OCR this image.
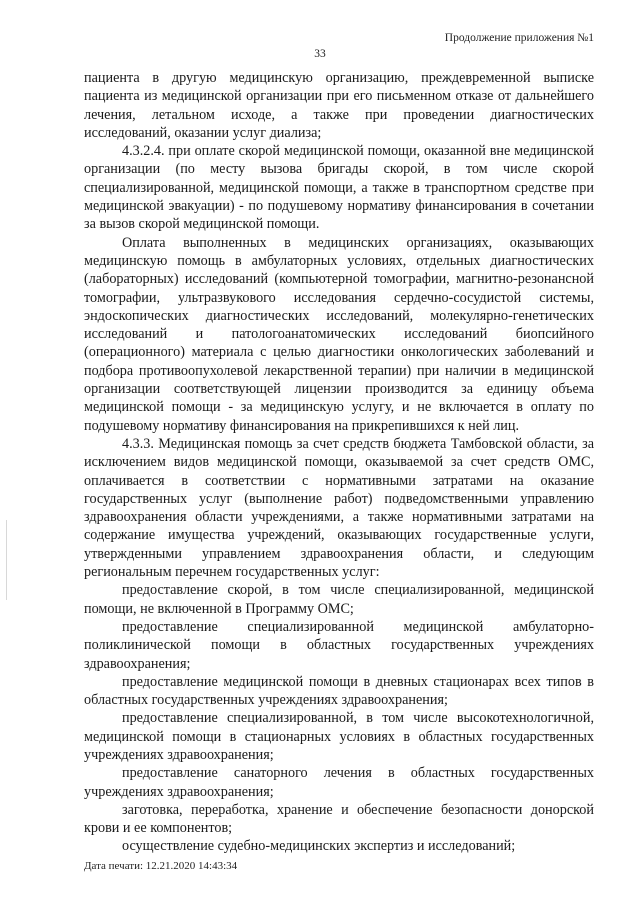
Продолжение приложения №1
33

пациента в другую медицинскую организацию, преждевременной выписке пациента из медицинской организации при его письменном отказе от дальнейшего лечения, летальном исходе, а также при проведении диагностических исследований, оказании услуг диализа;

4.3.2.4. при оплате скорой медицинской помощи, оказанной вне медицинской организации (по месту вызова бригады скорой, в том числе скорой специализированной, медицинской помощи, а также в транспортном средстве при медицинской эвакуации) - по подушевому нормативу финансирования в сочетании за вызов скорой медицинской помощи.

Оплата выполненных в медицинских организациях, оказывающих медицинскую помощь в амбулаторных условиях, отдельных диагностических (лабораторных) исследований (компьютерной томографии, магнитно-резонансной томографии, ультразвукового исследования сердечно-сосудистой системы, эндоскопических диагностических исследований, молекулярно-генетических исследований и патологоанатомических исследований биопсийного (операционного) материала с целью диагностики онкологических заболеваний и подбора противоопухолевой лекарственной терапии) при наличии в медицинской организации соответствующей лицензии производится за единицу объема медицинской помощи - за медицинскую услугу, и не включается в оплату по подушевому нормативу финансирования на прикрепившихся к ней лиц.

4.3.3. Медицинская помощь за счет средств бюджета Тамбовской области, за исключением видов медицинской помощи, оказываемой за счет средств ОМС, оплачивается в соответствии с нормативными затратами на оказание государственных услуг (выполнение работ) подведомственными управлению здравоохранения области учреждениями, а также нормативными затратами на содержание имущества учреждений, оказывающих государственные услуги, утвержденными управлением здравоохранения области, и следующим региональным перечнем государственных услуг:

предоставление скорой, в том числе специализированной, медицинской помощи, не включенной в Программу ОМС;

предоставление специализированной медицинской амбулаторно-поликлинической помощи в областных государственных учреждениях здравоохранения;

предоставление медицинской помощи в дневных стационарах всех типов в областных государственных учреждениях здравоохранения;

предоставление специализированной, в том числе высокотехнологичной, медицинской помощи в стационарных условиях в областных государственных учреждениях здравоохранения;

предоставление санаторного лечения в областных государственных учреждениях здравоохранения;

заготовка, переработка, хранение и обеспечение безопасности донорской крови и ее компонентов;

осуществление судебно-медицинских экспертиз и исследований;

Дата печати: 12.21.2020 14:43:34
